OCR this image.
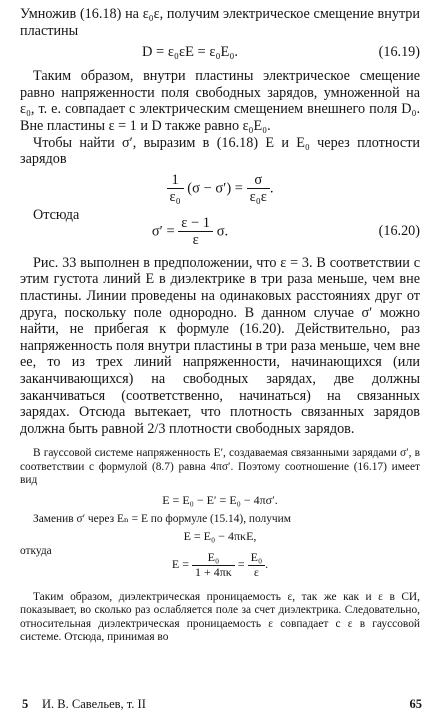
Умножив (16.18) на ε₀ε, получим электрическое смещение внутри пластины

D = ε₀εE = ε₀E₀.	(16.19)

Таким образом, внутри пластины электрическое смещение равно напряженности поля свободных зарядов, умноженной на ε₀, т. е. совпадает с электрическим смещением внешнего поля D₀. Вне пластины ε = 1 и D также равно ε₀E₀.

Чтобы найти σ′, выразим в (16.18) E и E₀ через плотности зарядов

$\frac{1}{\text{ε₀}} (\sigma - \sigma') = \frac{\sigma}{\text{ε₀ε}}$ .
Отсюда
$\sigma' = \frac{\varepsilon - 1}{\varepsilon} \sigma$.	(16.20)

Рис. 33 выполнен в предположении, что ε = 3. В соответствии с этим густота линий E в диэлектрике в три раза меньше, чем вне пластины. Линии проведены на одинаковых расстояниях друг от друга, поскольку поле однородно. В данном случае σ′ можно найти, не прибегая к формуле (16.20). Действительно, раз напряженность поля внутри пластины в три раза меньше, чем вне ее, то из трех линий напряженности, начинающихся (или заканчивающихся) на свободных зарядах, две должны заканчиваться (соответственно, начинаться) на связанных зарядах. Отсюда вытекает, что плотность связанных зарядов должна быть равной 2/3 плотности свободных зарядов.

В гауссовой системе напряженность E′, создаваемая связанными зарядами σ′, в соответствии с формулой (8.7) равна 4πσ′. Поэтому соотношение (16.17) имеет вид

E = E₀ − E′ = E₀ − 4πσ′.

Заменив σ′ через Eₙ = E по формуле (15.14), получим

E = E₀ − 4πκE,
откуда
$E = \frac{\text{E₀}}{1 + 4\pi\kappa} = \frac{\text{E₀}}{\varepsilon}$ .

Таким образом, диэлектрическая проницаемость ε, так же как и ε в СИ, показывает, во сколько раз ослабляется поле за счет диэлектрика. Следовательно, относительная диэлектрическая проницаемость ε совпадает с ε в гауссовой системе. Отсюда, принимая во

5 И. В. Савельев, т. II	65
